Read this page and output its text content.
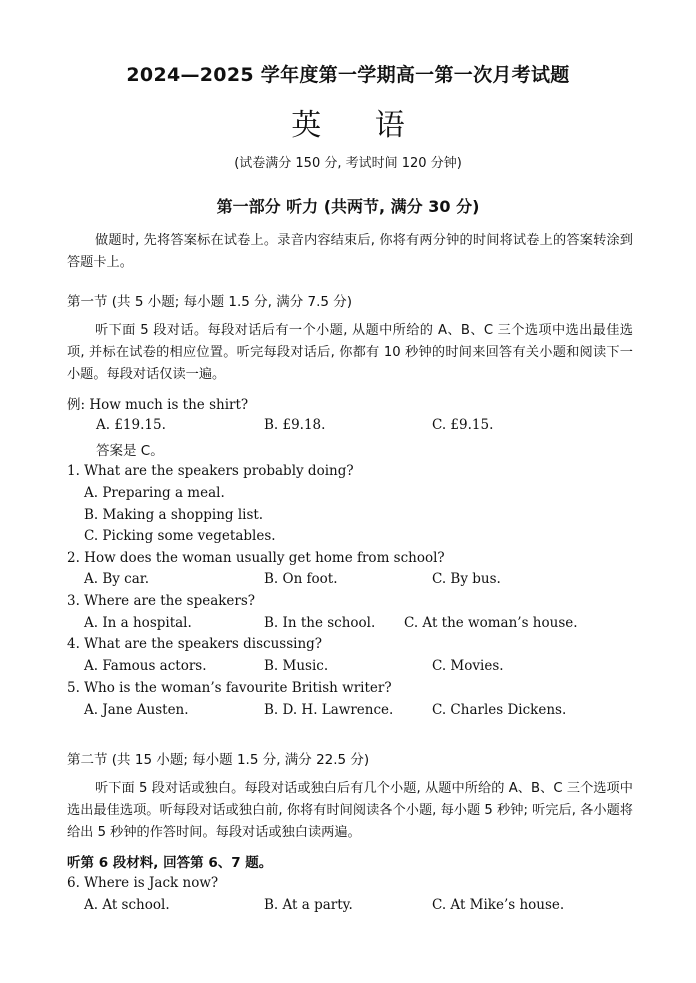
2024—2025 学年度第一学期高一第一次月考试题
英 语
(试卷满分 150 分, 考试时间 120 分钟)
第一部分 听力 (共两节, 满分 30 分)
做题时, 先将答案标在试卷上。录音内容结束后, 你将有两分钟的时间将试卷上的答案转涂到答题卡上。
第一节 (共 5 小题; 每小题 1.5 分, 满分 7.5 分)
听下面 5 段对话。每段对话后有一个小题, 从题中所给的 A、B、C 三个选项中选出最佳选项, 并标在试卷的相应位置。听完每段对话后, 你都有 10 秒钟的时间来回答有关小题和阅读下一小题。每段对话仅读一遍。
例: How much is the shirt?
A. £19.15.	B. £9.18.	C. £9.15.
答案是 C。
1. What are the speakers probably doing?
A. Preparing a meal.
B. Making a shopping list.
C. Picking some vegetables.
2. How does the woman usually get home from school?
A. By car.	B. On foot.	C. By bus.
3. Where are the speakers?
A. In a hospital.	B. In the school. C. At the woman’s house.
4. What are the speakers discussing?
A. Famous actors.	B. Music.	C. Movies.
5. Who is the woman’s favourite British writer?
A. Jane Austen.	B. D. H. Lawrence.	C. Charles Dickens.
第二节 (共 15 小题; 每小题 1.5 分, 满分 22.5 分)
听下面 5 段对话或独白。每段对话或独白后有几个小题, 从题中所给的 A、B、C 三个选项中选出最佳选项。听每段对话或独白前, 你将有时间阅读各个小题, 每小题 5 秒钟; 听完后, 各小题将给出 5 秒钟的作答时间。每段对话或独白读两遍。
听第 6 段材料, 回答第 6、7 题。
6. Where is Jack now?
A. At school.	B. At a party.	C. At Mike’s house.
